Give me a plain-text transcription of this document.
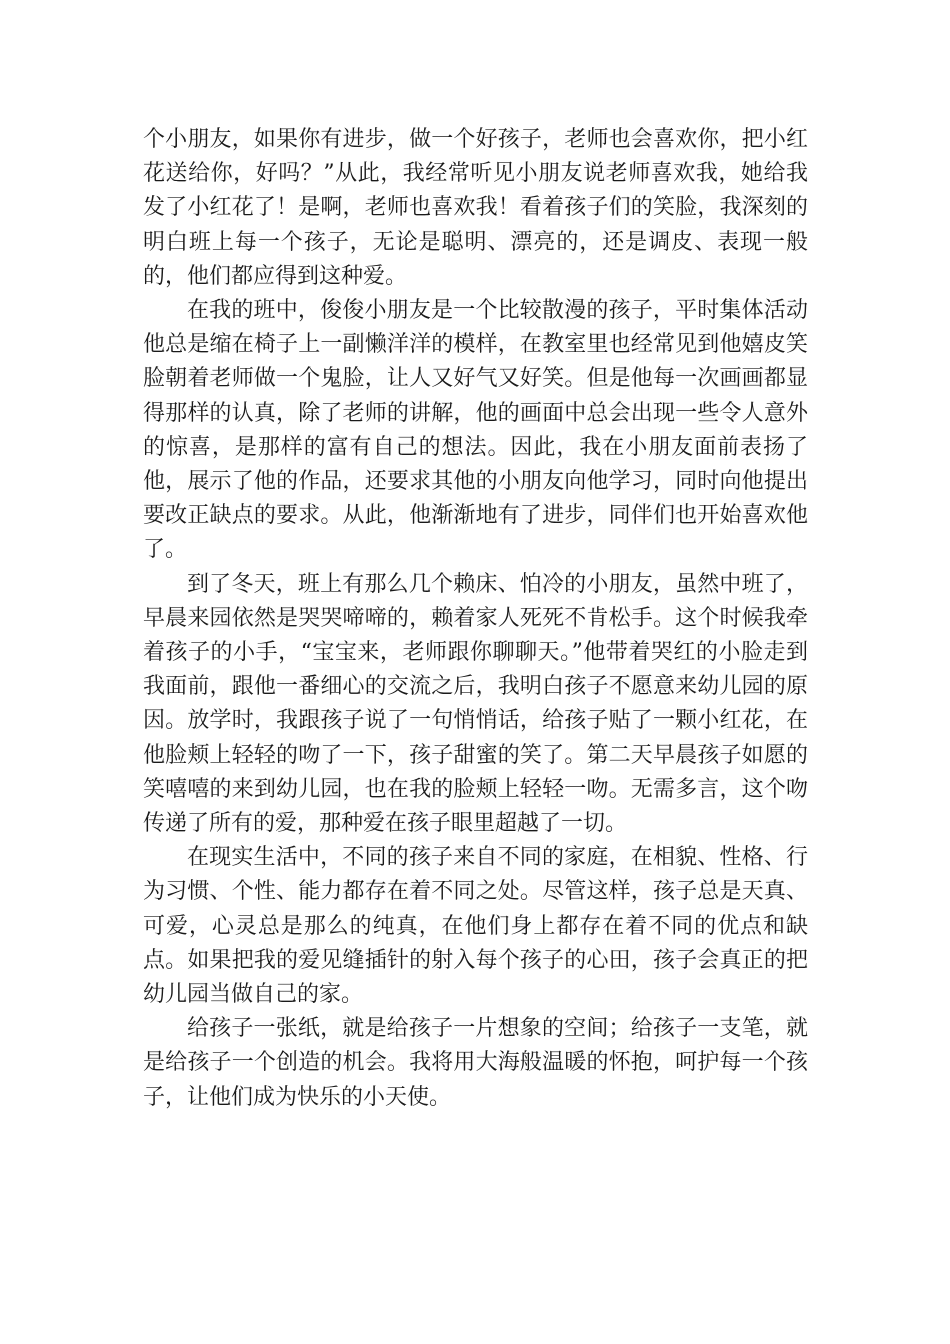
个小朋友，如果你有进步，做一个好孩子，老师也会喜欢你，把小红花送给你，好吗？”从此，我经常听见小朋友说老师喜欢我，她给我发了小红花了！是啊，老师也喜欢我！看着孩子们的笑脸，我深刻的明白班上每一个孩子，无论是聪明、漂亮的，还是调皮、表现一般的，他们都应得到这种爱。

在我的班中，俊俊小朋友是一个比较散漫的孩子，平时集体活动他总是缩在椅子上一副懒洋洋的模样，在教室里也经常见到他嬉皮笑脸朝着老师做一个鬼脸，让人又好气又好笑。但是他每一次画画都显得那样的认真，除了老师的讲解，他的画面中总会出现一些令人意外的惊喜，是那样的富有自己的想法。因此，我在小朋友面前表扬了他，展示了他的作品，还要求其他的小朋友向他学习，同时向他提出要改正缺点的要求。从此，他渐渐地有了进步，同伴们也开始喜欢他了。

到了冬天，班上有那么几个赖床、怕冷的小朋友，虽然中班了，早晨来园依然是哭哭啼啼的，赖着家人死死不肯松手。这个时候我牵着孩子的小手，“宝宝来，老师跟你聊聊天。”他带着哭红的小脸走到我面前，跟他一番细心的交流之后，我明白孩子不愿意来幼儿园的原因。放学时，我跟孩子说了一句悄悄话，给孩子贴了一颗小红花，在他脸颊上轻轻的吻了一下，孩子甜蜜的笑了。第二天早晨孩子如愿的笑嘻嘻的来到幼儿园，也在我的脸颊上轻轻一吻。无需多言，这个吻传递了所有的爱，那种爱在孩子眼里超越了一切。

在现实生活中，不同的孩子来自不同的家庭，在相貌、性格、行为习惯、个性、能力都存在着不同之处。尽管这样，孩子总是天真、可爱，心灵总是那么的纯真，在他们身上都存在着不同的优点和缺点。如果把我的爱见缝插针的射入每个孩子的心田，孩子会真正的把幼儿园当做自己的家。

给孩子一张纸，就是给孩子一片想象的空间；给孩子一支笔，就是给孩子一个创造的机会。我将用大海般温暖的怀抱，呵护每一个孩子，让他们成为快乐的小天使。
